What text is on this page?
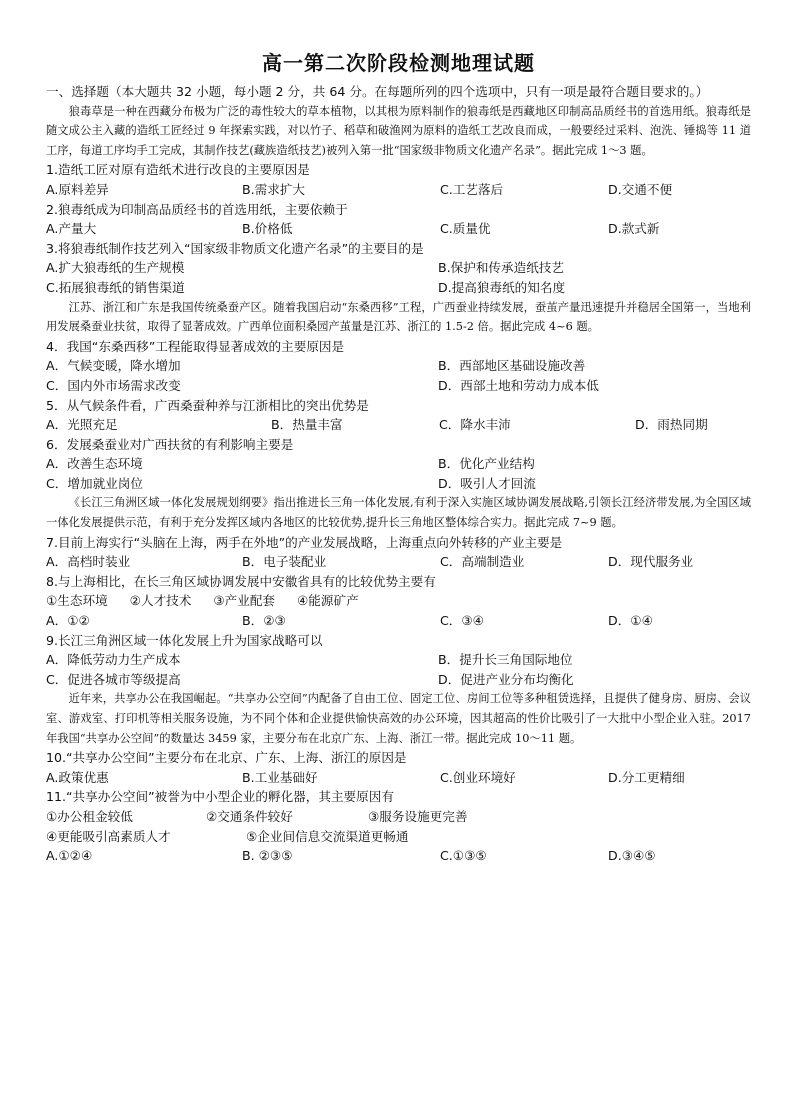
高一第二次阶段检测地理试题
一、选择题（本大题共 32 小题，每小题 2 分，共 64 分。在每题所列的四个选项中，只有一项是最符合题目要求的。）
狼毒草是一种在西藏分布极为广泛的毒性较大的草本植物，以其根为原料制作的狼毒纸是西藏地区印制高品质经书的首选用纸。狼毒纸是随文成公主入藏的造纸工匠经过 9 年探索实践，对以竹子、稻草和破渔网为原料的造纸工艺改良而成，一般要经过采料、泡洗、锤捣等 11 道工序，每道工序均手工完成，其制作技艺(藏族造纸技艺)被列入第一批“国家级非物质文化遗产名录”。据此完成 1～3 题。
1.造纸工匠对原有造纸术进行改良的主要原因是
A.原料差异	B.需求扩大	C.工艺落后	D.交通不便
2.狼毒纸成为印制高品质经书的首选用纸，主要依赖于
A.产量大	B.价格低	C.质量优	D.款式新
3.将狼毒纸制作技艺列入“国家级非物质文化遗产名录”的主要目的是
A.扩大狼毒纸的生产规模	B.保护和传承造纸技艺
C.拓展狼毒纸的销售渠道	D.提高狼毒纸的知名度
江苏、浙江和广东是我国传统桑蚕产区。随着我国启动“东桑西移”工程，广西蚕业持续发展，蚕茧产量迅速提升并稳居全国第一，当地利用发展桑蚕业扶贫，取得了显著成效。广西单位面积桑园产茧量是江苏、浙江的 1.5-2 倍。据此完成 4~6 题。
4．我国“东桑西移”工程能取得显著成效的主要原因是
A．气候变暖，降水增加	B．西部地区基础设施改善
C．国内外市场需求改变	D．西部土地和劳动力成本低
5．从气候条件看，广西桑蚕种养与江浙相比的突出优势是
A．光照充足	B．热量丰富	C．降水丰沛	D．雨热同期
6．发展桑蚕业对广西扶贫的有利影响主要是
A．改善生态环境	B．优化产业结构
C．增加就业岗位	D．吸引人才回流
《长江三角洲区域一体化发展规划纲要》指出推进长三角一体化发展,有利于深入实施区域协调发展战略,引领长江经济带发展,为全国区域一体化发展提供示范，有利于充分发挥区域内各地区的比较优势,提升长三角地区整体综合实力。据此完成 7~9 题。
7.目前上海实行“头脑在上海，两手在外地”的产业发展战略，上海重点向外转移的产业主要是
A．高档时装业	B．电子装配业	C．高端制造业	D．现代服务业
8.与上海相比，在长三角区域协调发展中安徽省具有的比较优势主要有
①生态环境 ②人才技术 ③产业配套 ④能源矿产
A．①②	B．②③	C．③④	D．①④
9.长江三角洲区域一体化发展上升为国家战略可以
A．降低劳动力生产成本	B．提升长三角国际地位
C．促进各城市等级提高	D．促进产业分布均衡化
近年来，共享办公在我国崛起。“共享办公空间”内配备了自由工位、固定工位、房间工位等多种租赁选择，且提供了健身房、厨房、会议室、游戏室、打印机等相关服务设施，为不同个体和企业提供愉快高效的办公环境，因其超高的性价比吸引了一大批中小型企业入驻。2017 年我国“共享办公空间”的数量达 3459 家，主要分布在北京广东、上海、浙江一带。据此完成 10～11 题。
10.“共享办公空间”主要分布在北京、广东、上海、浙江的原因是
A.政策优惠	B.工业基础好	C.创业环境好	D.分工更精细
11.“共享办公空间”被誉为中小型企业的孵化器，其主要原因有
①办公租金较低	②交通条件较好	③服务设施更完善
④更能吸引高素质人才	⑤企业间信息交流渠道更畅通
A.①②④	B. ②③⑤	C.①③⑤	D.③④⑤
